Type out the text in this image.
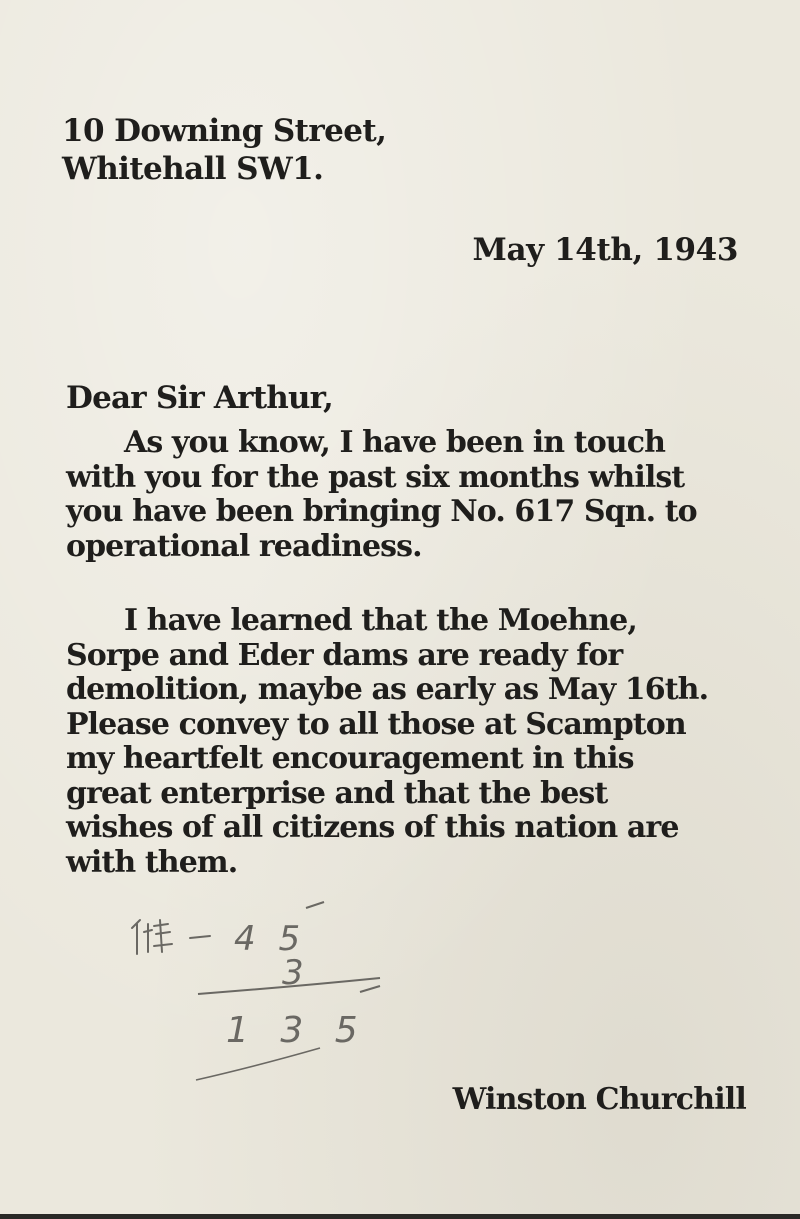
10 Downing Street,
Whitehall SW1.
May 14th, 1943
Dear Sir Arthur,
As you know, I have been in touch
with you for the past six months whilst
you have been bringing No. 617 Sqn. to
operational readiness.
I have learned that the Moehne,
Sorpe and Eder dams are ready for
demolition, maybe as early as May 16th.
Please convey to all those at Scampton
my heartfelt encouragement in this
great enterprise and that the best
wishes of all citizens of this nation are
with them.
4 5
3
1 3 5
Winston Churchill
